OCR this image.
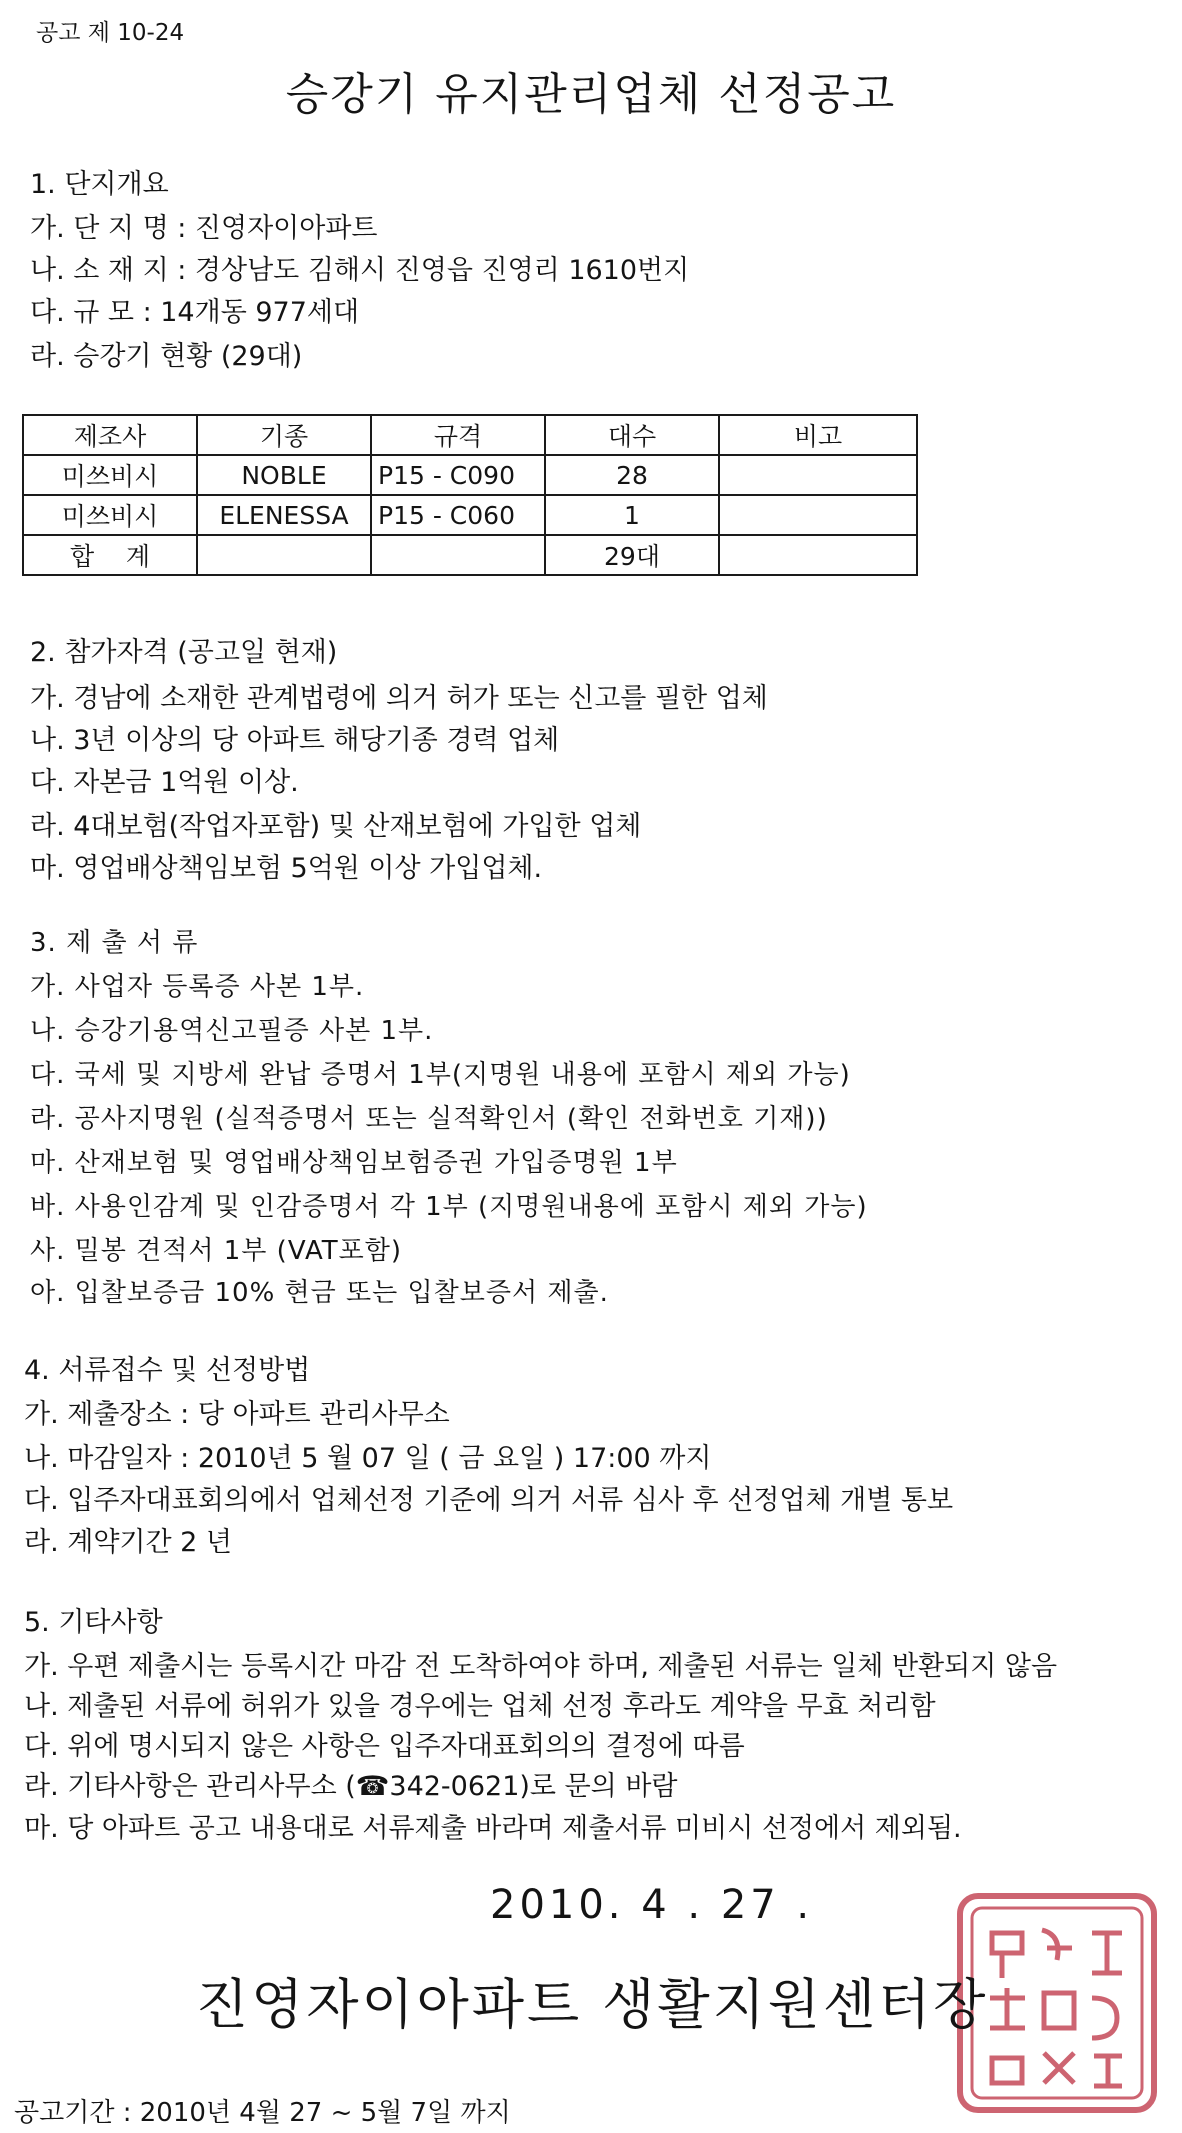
공고 제 10-24
승강기 유지관리업체 선정공고
1. 단지개요
가. 단 지 명 : 진영자이아파트
나. 소 재 지 : 경상남도 김해시 진영읍 진영리 1610번지
다. 규 모 : 14개동 977세대
라. 승강기 현황 (29대)
제조사	기종	규격	대수	비고
미쓰비시	NOBLE	P15 - C090	28	
미쓰비시	ELENESSA	P15 - C060	1	
합    계			29대	
2. 참가자격 (공고일 현재)
가. 경남에 소재한 관계법령에 의거 허가 또는 신고를 필한 업체
나. 3년 이상의 당 아파트 해당기종 경력 업체
다. 자본금 1억원 이상.
라. 4대보험(작업자포함) 및 산재보험에 가입한 업체
마. 영업배상책임보험 5억원 이상 가입업체.
3. 제 출 서 류
가. 사업자 등록증 사본 1부.
나. 승강기용역신고필증 사본 1부.
다. 국세 및 지방세 완납 증명서 1부(지명원 내용에 포함시 제외 가능)
라. 공사지명원 (실적증명서 또는 실적확인서 (확인 전화번호 기재))
마. 산재보험 및 영업배상책임보험증권 가입증명원 1부
바. 사용인감계 및 인감증명서 각 1부 (지명원내용에 포함시 제외 가능)
사. 밀봉 견적서 1부 (VAT포함)
아. 입찰보증금 10% 현금 또는 입찰보증서 제출.
4. 서류접수 및 선정방법
가. 제출장소 : 당 아파트 관리사무소
나. 마감일자 : 2010년 5 월 07 일 ( 금 요일 ) 17:00 까지
다. 입주자대표회의에서 업체선정 기준에 의거 서류 심사 후 선정업체 개별 통보
라. 계약기간 2 년
5. 기타사항
가. 우편 제출시는 등록시간 마감 전 도착하여야 하며, 제출된 서류는 일체 반환되지 않음
나. 제출된 서류에 허위가 있을 경우에는 업체 선정 후라도 계약을 무효 처리함
다. 위에 명시되지 않은 사항은 입주자대표회의의 결정에 따름
라. 기타사항은 관리사무소 (☎342-0621)로 문의 바람
마. 당 아파트 공고 내용대로 서류제출 바라며 제출서류 미비시 선정에서 제외됨.
2010. 4 . 27 .
진영자이아파트 생활지원센터장
공고기간 : 2010년 4월 27 ~ 5월 7일 까지
